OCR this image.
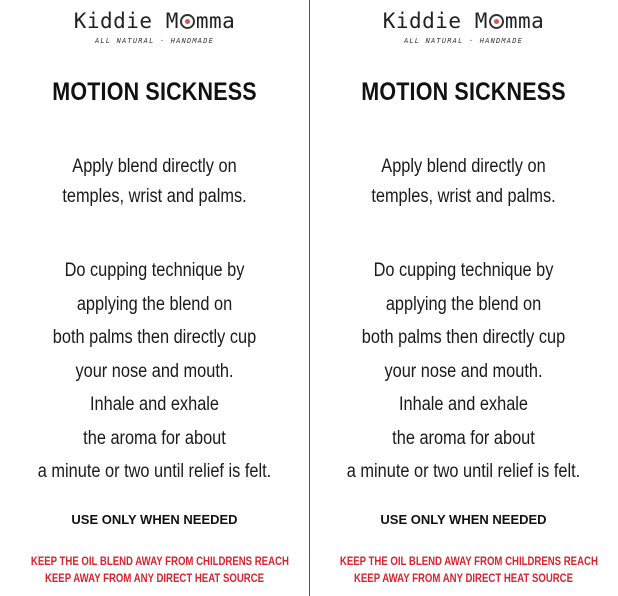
Kiddie M mma
ALL NATURAL · HANDMADE
MOTION SICKNESS
Apply blend directly on
temples, wrist and palms.
Do cupping technique by
applying the blend on
both palms then directly cup
your nose and mouth.
Inhale and exhale
the aroma for about
a minute or two until relief is felt.
USE ONLY WHEN NEEDED
KEEP THE OIL BLEND AWAY FROM CHILDRENS REACH
KEEP AWAY FROM ANY DIRECT HEAT SOURCE
Kiddie M mma
ALL NATURAL · HANDMADE
MOTION SICKNESS
Apply blend directly on
temples, wrist and palms.
Do cupping technique by
applying the blend on
both palms then directly cup
your nose and mouth.
Inhale and exhale
the aroma for about
a minute or two until relief is felt.
USE ONLY WHEN NEEDED
KEEP THE OIL BLEND AWAY FROM CHILDRENS REACH
KEEP AWAY FROM ANY DIRECT HEAT SOURCE
